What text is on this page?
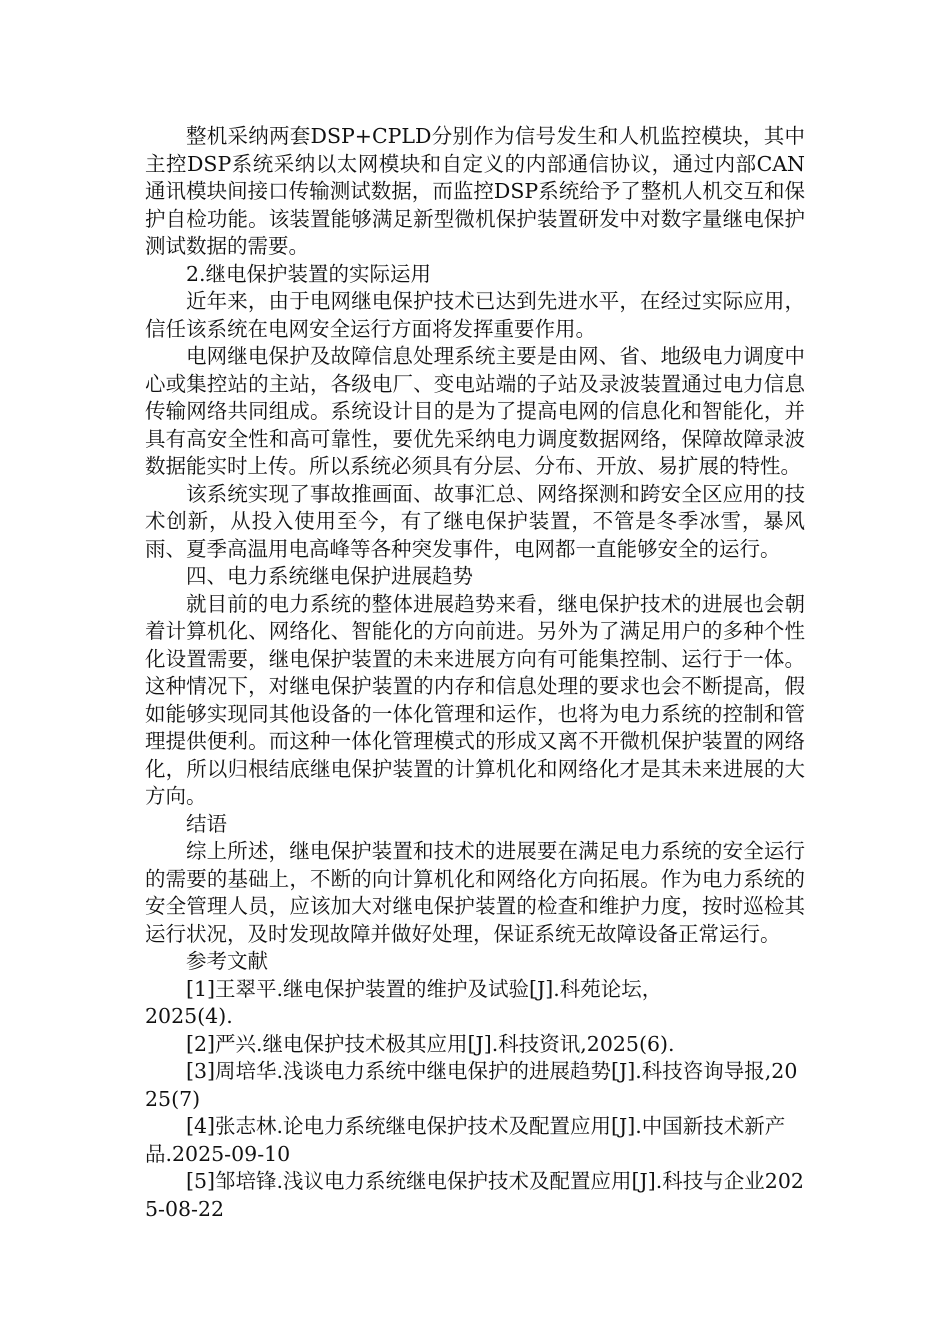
整机采纳两套DSP+CPLD分别作为信号发生和人机监控模块，其中主控DSP系统采纳以太网模块和自定义的内部通信协议，通过内部CAN通讯模块间接口传输测试数据，而监控DSP系统给予了整机人机交互和保护自检功能。该装置能够满足新型微机保护装置研发中对数字量继电保护测试数据的需要。

2.继电保护装置的实际运用

近年来，由于电网继电保护技术已达到先进水平，在经过实际应用，信任该系统在电网安全运行方面将发挥重要作用。

电网继电保护及故障信息处理系统主要是由网、省、地级电力调度中心或集控站的主站，各级电厂、变电站端的子站及录波装置通过电力信息传输网络共同组成。系统设计目的是为了提高电网的信息化和智能化，并具有高安全性和高可靠性，要优先采纳电力调度数据网络，保障故障录波数据能实时上传。所以系统必须具有分层、分布、开放、易扩展的特性。

该系统实现了事故推画面、故事汇总、网络探测和跨安全区应用的技术创新，从投入使用至今，有了继电保护装置，不管是冬季冰雪，暴风雨、夏季高温用电高峰等各种突发事件，电网都一直能够安全的运行。

四、电力系统继电保护进展趋势

就目前的电力系统的整体进展趋势来看，继电保护技术的进展也会朝着计算机化、网络化、智能化的方向前进。另外为了满足用户的多种个性化设置需要，继电保护装置的未来进展方向有可能集控制、运行于一体。这种情况下，对继电保护装置的内存和信息处理的要求也会不断提高，假如能够实现同其他设备的一体化管理和运作，也将为电力系统的控制和管理提供便利。而这种一体化管理模式的形成又离不开微机保护装置的网络化，所以归根结底继电保护装置的计算机化和网络化才是其未来进展的大方向。

结语

综上所述，继电保护装置和技术的进展要在满足电力系统的安全运行的需要的基础上，不断的向计算机化和网络化方向拓展。作为电力系统的安全管理人员，应该加大对继电保护装置的检查和维护力度，按时巡检其运行状况，及时发现故障并做好处理，保证系统无故障设备正常运行。

参考文献

[1]王翠平.继电保护装置的维护及试验[J].科苑论坛，

2025(4).

[2]严兴.继电保护技术极其应用[J].科技资讯,2025(6).

[3]周培华.浅谈电力系统中继电保护的进展趋势[J].科技咨询导报,2025(7)

[4]张志林.论电力系统继电保护技术及配置应用[J].中国新技术新产品.2025-09-10

[5]邹培锋.浅议电力系统继电保护技术及配置应用[J].科技与企业2025-08-22
